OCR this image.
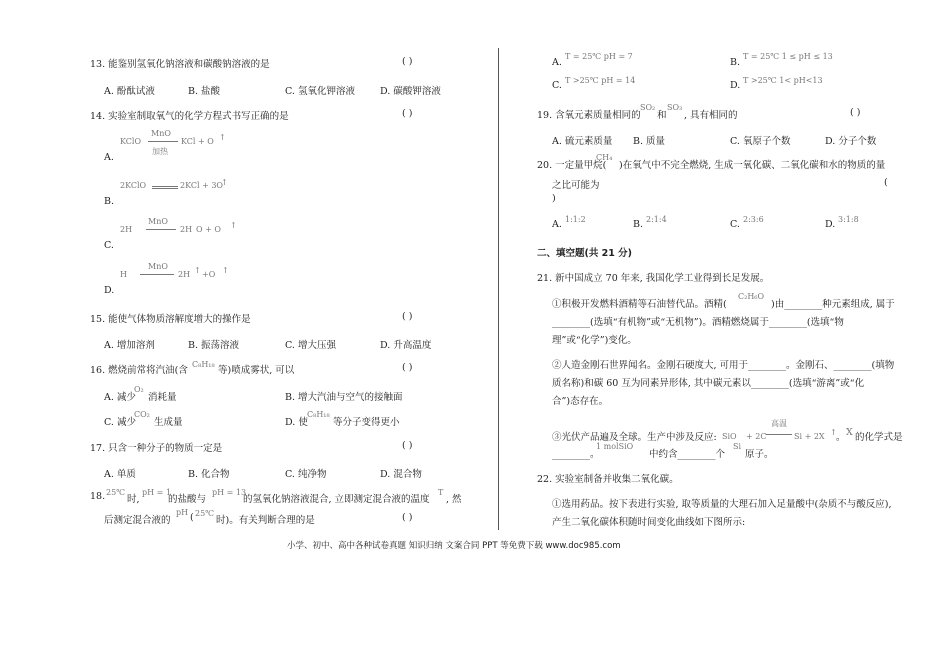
13. 能鉴别氢氧化钠溶液和碳酸钠溶液的是	( )
A. 酚酞试液	B. 盐酸	C. 氢氧化钾溶液	D. 碳酸钾溶液
14. 实验室制取氧气的化学方程式书写正确的是	( )
KClO
MnO
加热
KCl + O ↑
A.
2KClO	2KCl + 3O
↑
B.
2H
MnO
2H O + O ↑
C.
H
MnO
2H ↑ +O ↑
D.
15. 能使气体物质溶解度增大的操作是	( )
A. 增加溶剂	B. 振荡溶液	C. 增大压强	D. 升高温度
16. 燃烧前常将汽油(含
C₈H₁₈
等)喷成雾状, 可以	( )
A. 减少
O₂
消耗量	B. 增大汽油与空气的接触面
C. 减少
CO₂
生成量	D. 使
C₈H₁₈
等分子变得更小
17. 只含一种分子的物质一定是	( )
A. 单质	B. 化合物	C. 纯净物	D. 混合物
18. 25℃
时,
pH = 1
的盐酸与
pH = 13
的氢氧化钠溶液混合, 立即测定混合液的温度
T
, 然
后测定混合液的
pH ( 25℃
时)。有关判断合理的是	( )
A.
T = 25℃ pH = 7
B.
T = 25℃ 1 ≤ pH ≤ 13
C. T >25℃ pH = 14	D. T >25℃ 1< pH<13
19. 含氧元素质量相同的
SO₂
和
SO₃
, 具有相同的	( )
A. 硫元素质量 B. 质量	C. 氧原子个数	D. 分子个数
20. 一定量甲烷(
CH₄
)在氧气中不完全燃烧, 生成一氧化碳、二氧化碳和水的物质的量
之比可能为	(
)
A. 1:1:2	B. 2:1:4	C. 2:3:6	D. 3:1:8
二、填空题(共 21 分)
21. 新中国成立 70 年来, 我国化学工业得到长足发展。
①积极开发燃料酒精等石油替代品。酒精(
C₂H₆O
)由________种元素组成, 属于
________(选填“有机物”或“无机物”)。酒精燃烧属于________(选填“物
理”或“化学”)变化。
②人造金刚石世界闻名。金刚石硬度大, 可用于________。金刚石、________(填物
质名称)和碳 60 互为同素异形体, 其中碳元素以________(选填“游离”或“化
合”)态存在。
③光伏产品遍及全球。生产中涉及反应: SiO + 2C
高温
Si + 2X ↑ 。 X 的化学式是
________。
1 molSiO
中约含________个
Si
原子。
22. 实验室制备并收集二氧化碳。
①选用药品。按下表进行实验, 取等质量的大理石加入足量酸中(杂质不与酸反应),
产生二氧化碳体积随时间变化曲线如下图所示:
小学、初中、高中各种试卷真题 知识归纳 文案合同 PPT 等免费下载 www.doc985.com
